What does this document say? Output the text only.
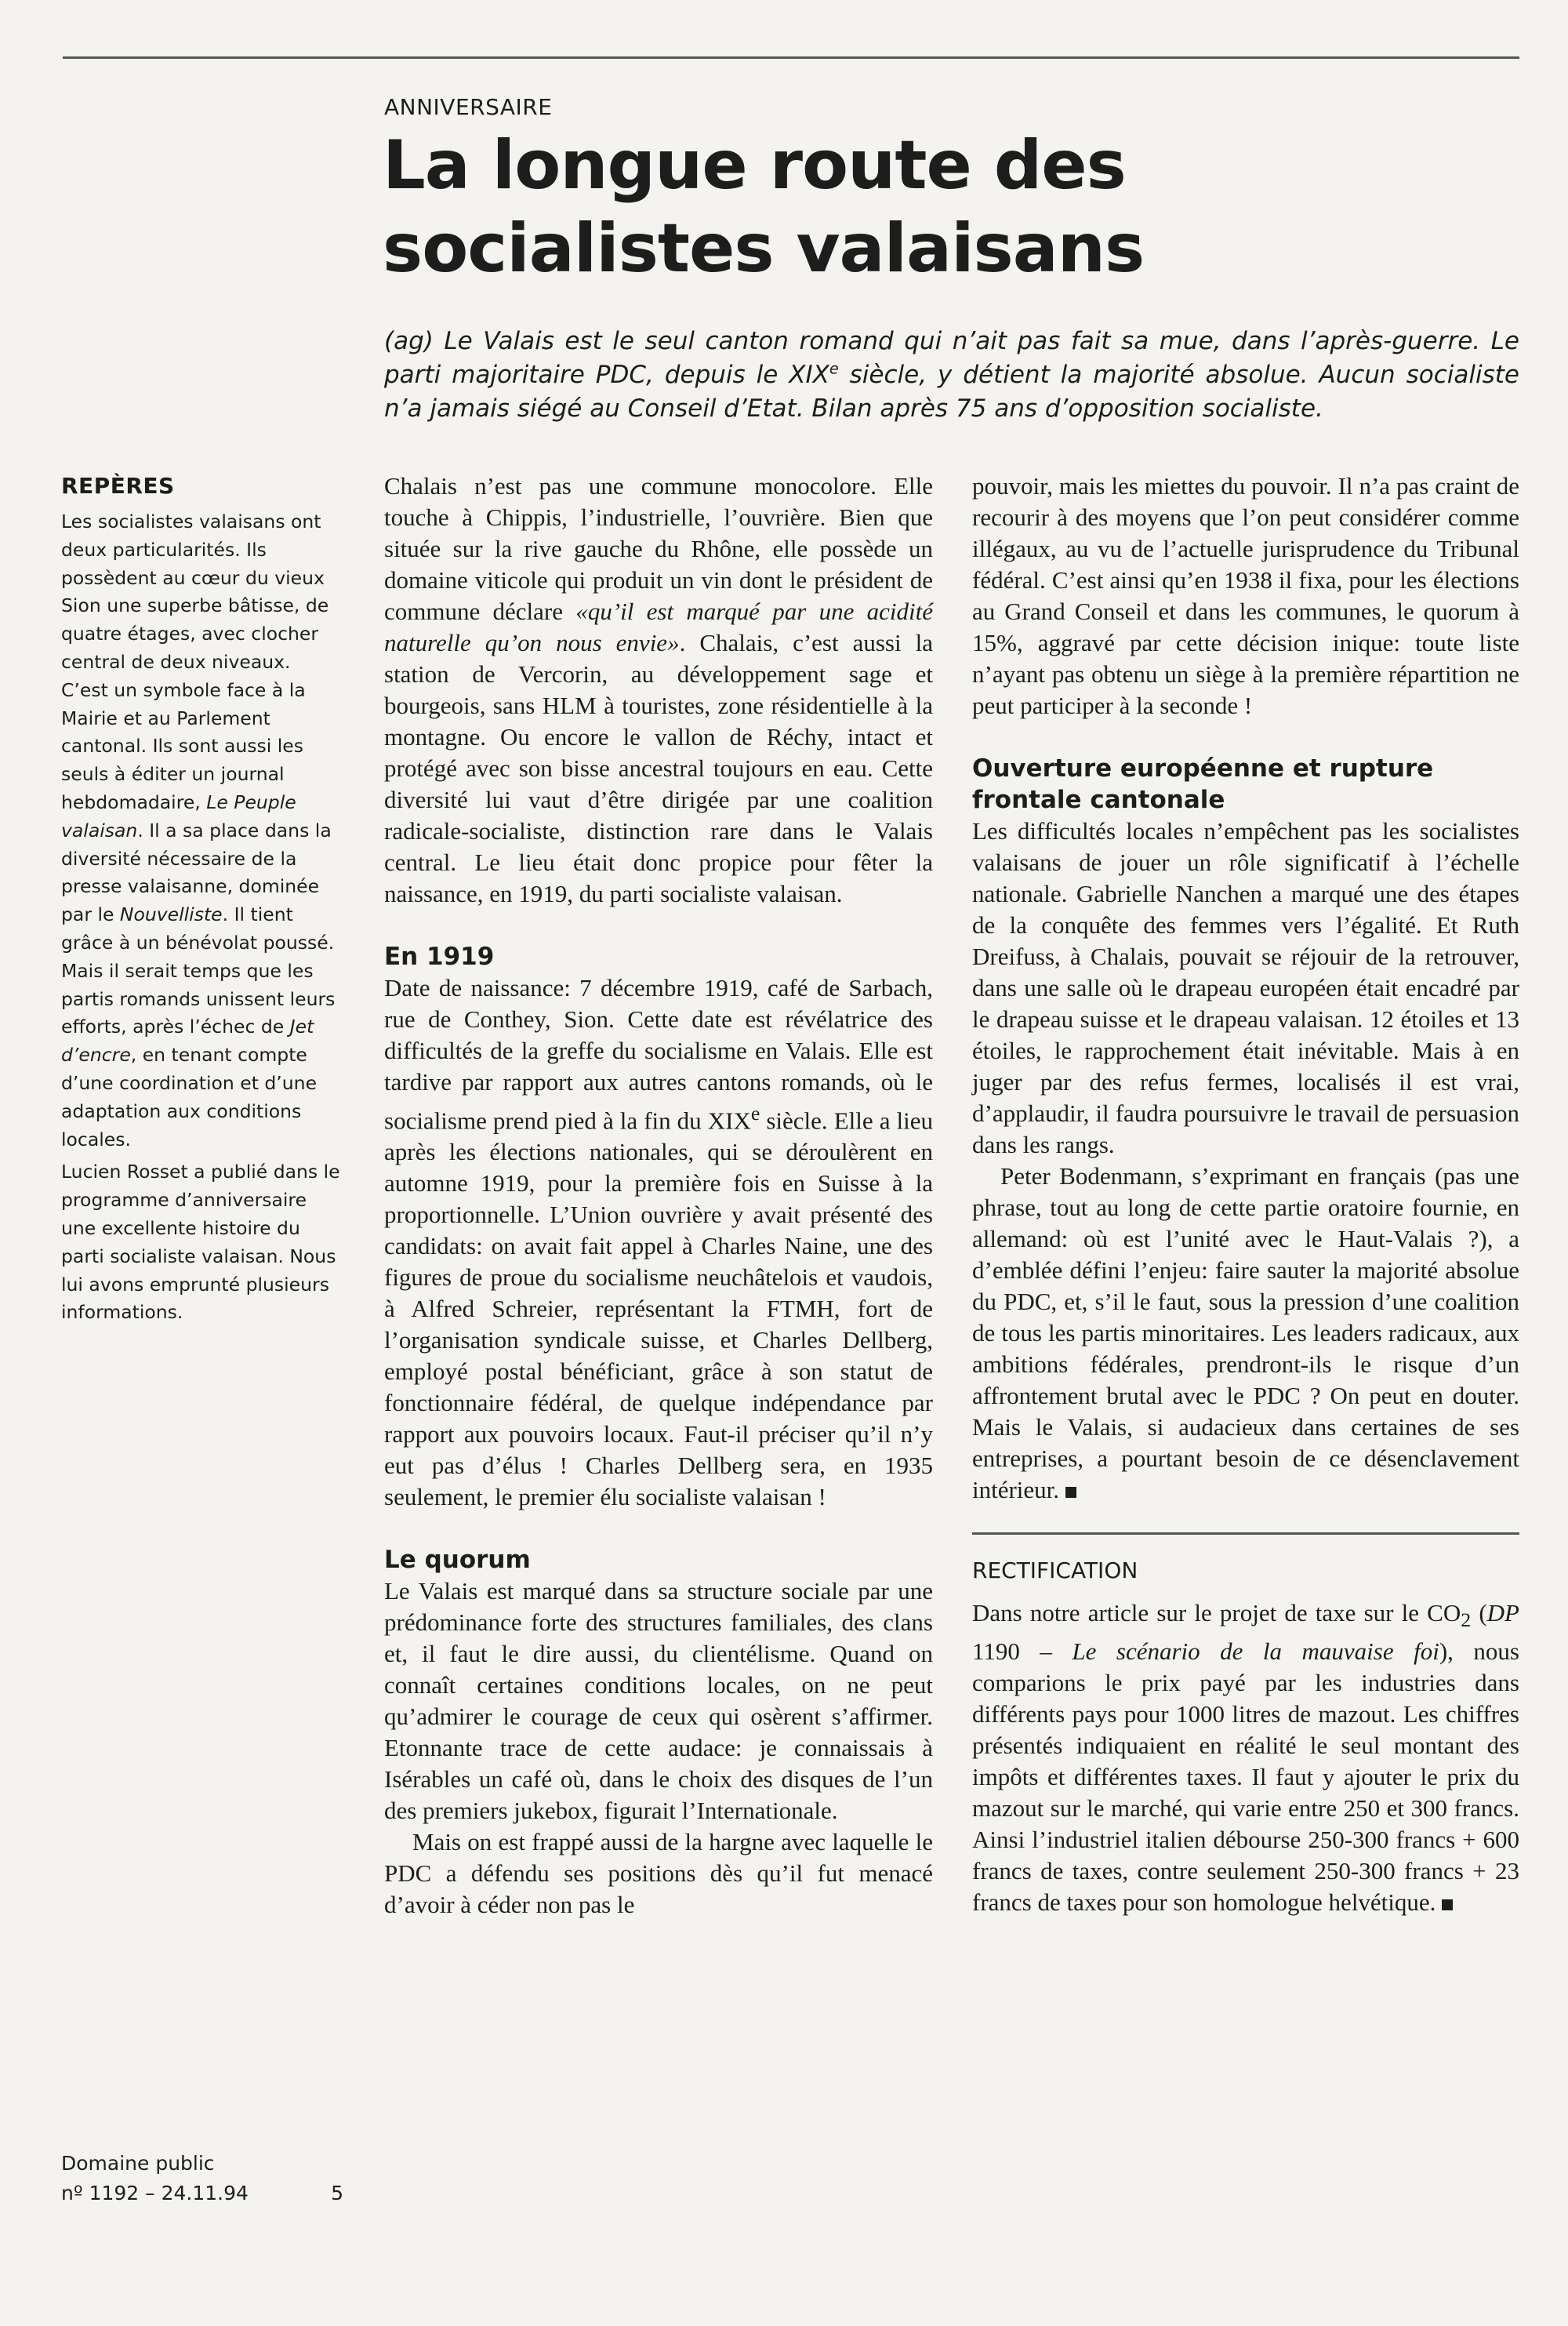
ANNIVERSAIRE
La longue route des socialistes valaisans

(ag) Le Valais est le seul canton romand qui n’ait pas fait sa mue, dans l’après-guerre. Le parti majoritaire PDC, depuis le XIXe siècle, y détient la majorité absolue. Aucun socialiste n’a jamais siégé au Conseil d’Etat. Bilan après 75 ans d’opposition socialiste.

REPÈRES

Les socialistes valaisans ont deux particularités. Ils possèdent au cœur du vieux Sion une superbe bâtisse, de quatre étages, avec clocher central de deux niveaux. C’est un symbole face à la Mairie et au Parlement cantonal. Ils sont aussi les seuls à éditer un journal hebdomadaire, Le Peuple valaisan. Il a sa place dans la diversité nécessaire de la presse valaisanne, dominée par le Nouvelliste. Il tient grâce à un bénévolat poussé. Mais il serait temps que les partis romands unissent leurs efforts, après l’échec de Jet d’encre, en tenant compte d’une coordination et d’une adaptation aux conditions locales.

Lucien Rosset a publié dans le programme d’anniversaire une excellente histoire du parti socialiste valaisan. Nous lui avons emprunté plusieurs informations.

Domaine public
nº 1192 – 24.11.94	5

Chalais n’est pas une commune monocolore. Elle touche à Chippis, l’industrielle, l’ouvrière. Bien que située sur la rive gauche du Rhône, elle possède un domaine viticole qui produit un vin dont le président de commune déclare «qu’il est marqué par une acidité naturelle qu’on nous envie». Chalais, c’est aussi la station de Vercorin, au développement sage et bourgeois, sans HLM à touristes, zone résidentielle à la montagne. Ou encore le vallon de Réchy, intact et protégé avec son bisse ancestral toujours en eau. Cette diversité lui vaut d’être dirigée par une coalition radicale-socialiste, distinction rare dans le Valais central. Le lieu était donc propice pour fêter la naissance, en 1919, du parti socialiste valaisan.

En 1919

Date de naissance: 7 décembre 1919, café de Sarbach, rue de Conthey, Sion. Cette date est révélatrice des difficultés de la greffe du socialisme en Valais. Elle est tardive par rapport aux autres cantons romands, où le socialisme prend pied à la fin du XIXe siècle. Elle a lieu après les élections nationales, qui se déroulèrent en automne 1919, pour la première fois en Suisse à la proportionnelle. L’Union ouvrière y avait présenté des candidats: on avait fait appel à Charles Naine, une des figures de proue du socialisme neuchâtelois et vaudois, à Alfred Schreier, représentant la FTMH, fort de l’organisation syndicale suisse, et Charles Dellberg, employé postal bénéficiant, grâce à son statut de fonctionnaire fédéral, de quelque indépendance par rapport aux pouvoirs locaux. Faut-il préciser qu’il n’y eut pas d’élus ! Charles Dellberg sera, en 1935 seulement, le premier élu socialiste valaisan !

Le quorum

Le Valais est marqué dans sa structure sociale par une prédominance forte des structures familiales, des clans et, il faut le dire aussi, du clientélisme. Quand on connaît certaines conditions locales, on ne peut qu’admirer le courage de ceux qui osèrent s’affirmer. Etonnante trace de cette audace: je connaissais à Isérables un café où, dans le choix des disques de l’un des premiers jukebox, figurait l’Internationale.

Mais on est frappé aussi de la hargne avec laquelle le PDC a défendu ses positions dès qu’il fut menacé d’avoir à céder non pas le

pouvoir, mais les miettes du pouvoir. Il n’a pas craint de recourir à des moyens que l’on peut considérer comme illégaux, au vu de l’actuelle jurisprudence du Tribunal fédéral. C’est ainsi qu’en 1938 il fixa, pour les élections au Grand Conseil et dans les communes, le quorum à 15%, aggravé par cette décision inique: toute liste n’ayant pas obtenu un siège à la première répartition ne peut participer à la seconde !

Ouverture européenne et rupture frontale cantonale

Les difficultés locales n’empêchent pas les socialistes valaisans de jouer un rôle significatif à l’échelle nationale. Gabrielle Nanchen a marqué une des étapes de la conquête des femmes vers l’égalité. Et Ruth Dreifuss, à Chalais, pouvait se réjouir de la retrouver, dans une salle où le drapeau européen était encadré par le drapeau suisse et le drapeau valaisan. 12 étoiles et 13 étoiles, le rapprochement était inévitable. Mais à en juger par des refus fermes, localisés il est vrai, d’applaudir, il faudra poursuivre le travail de persuasion dans les rangs.

Peter Bodenmann, s’exprimant en français (pas une phrase, tout au long de cette partie oratoire fournie, en allemand: où est l’unité avec le Haut-Valais ?), a d’emblée défini l’enjeu: faire sauter la majorité absolue du PDC, et, s’il le faut, sous la pression d’une coalition de tous les partis minoritaires. Les leaders radicaux, aux ambitions fédérales, prendront-ils le risque d’un affrontement brutal avec le PDC ? On peut en douter. Mais le Valais, si audacieux dans certaines de ses entreprises, a pourtant besoin de ce désenclavement intérieur.

RECTIFICATION

Dans notre article sur le projet de taxe sur le $CO_2$ (DP 1190 – Le scénario de la mauvaise foi), nous comparions le prix payé par les industries dans différents pays pour 1000 litres de mazout. Les chiffres présentés indiquaient en réalité le seul montant des impôts et différentes taxes. Il faut y ajouter le prix du mazout sur le marché, qui varie entre 250 et 300 francs. Ainsi l’industriel italien débourse 250-300 francs + 600 francs de taxes, contre seulement 250-300 francs + 23 francs de taxes pour son homologue helvétique.
